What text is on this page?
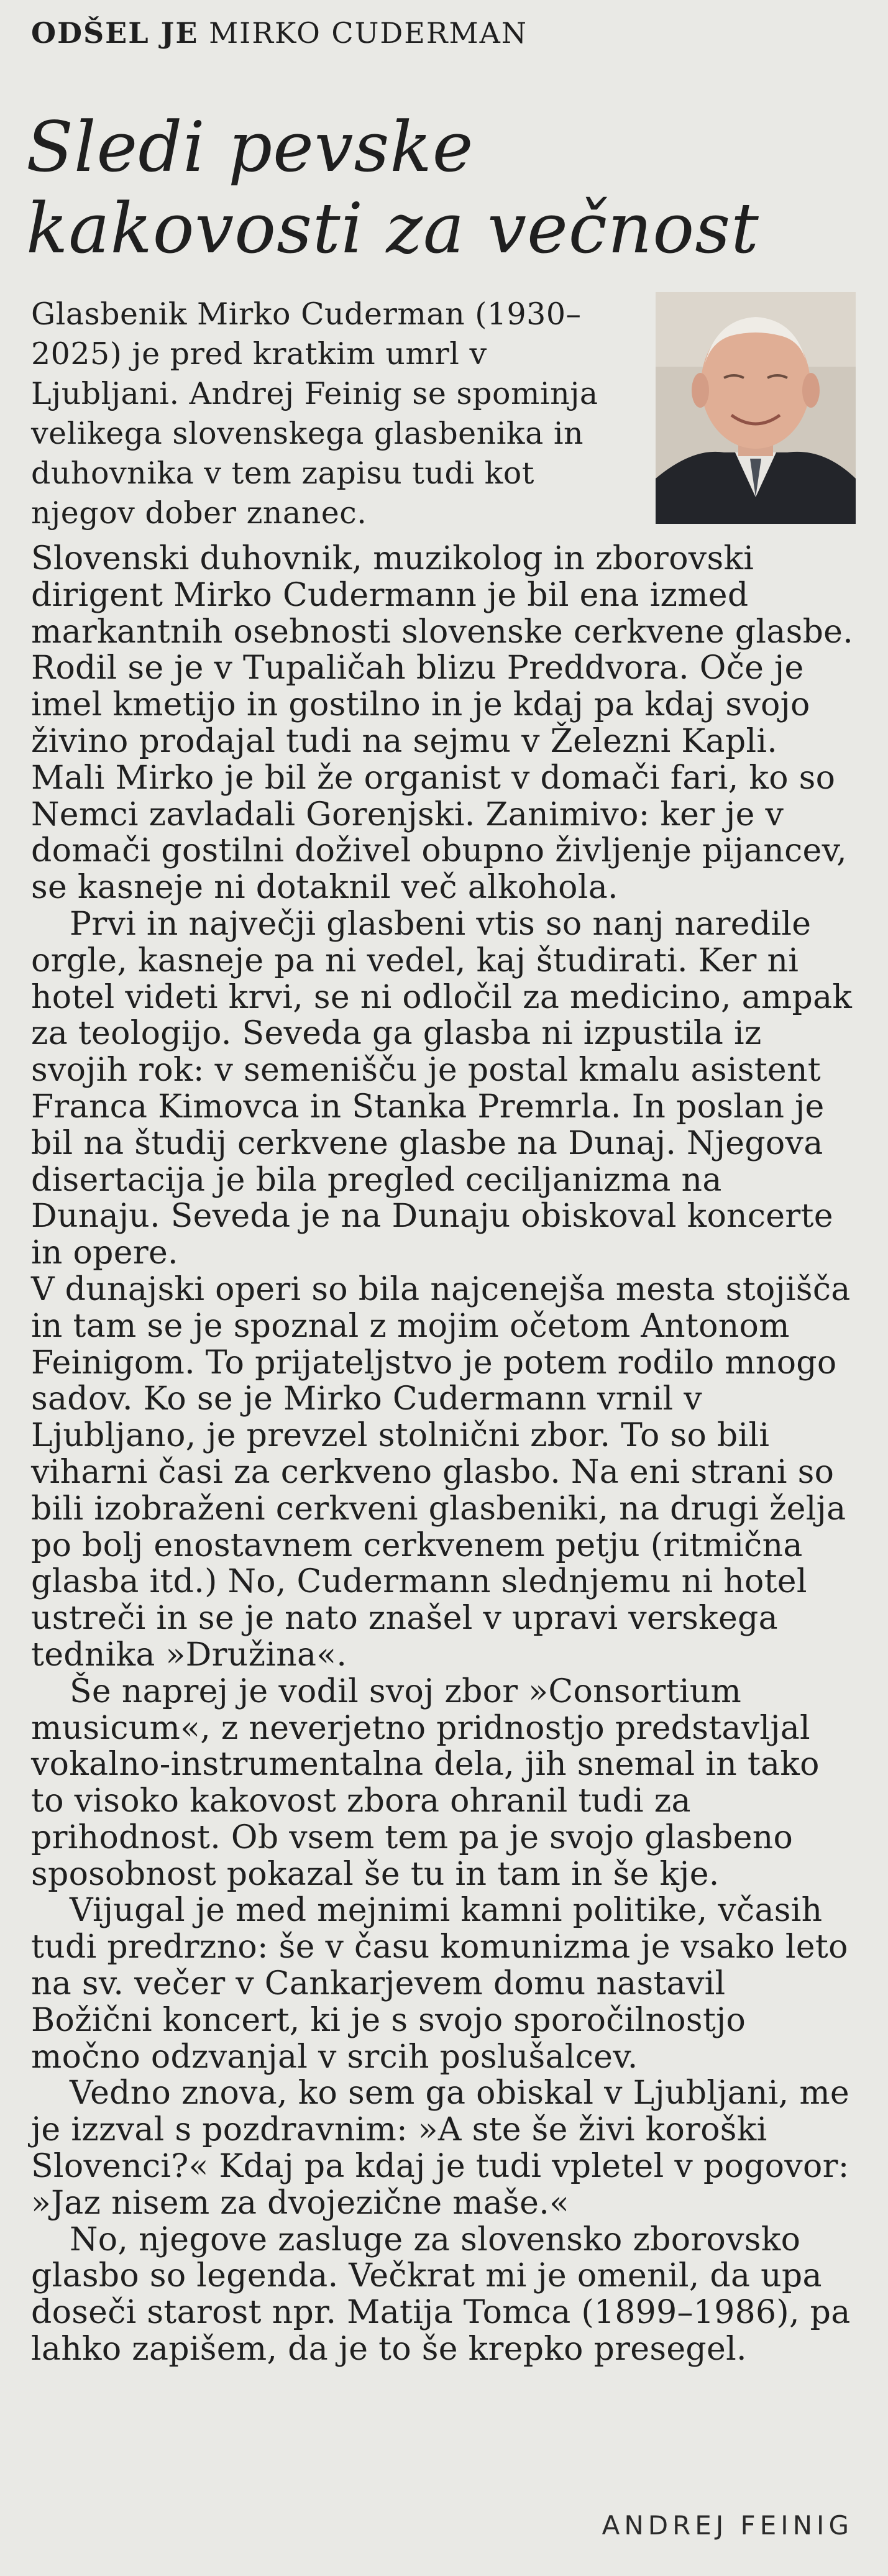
ODŠEL JE MIRKO CUDERMAN

Sledi pevske
kakovosti za večnost

Glasbenik Mirko Cuderman (1930–2025) je pred kratkim umrl v Ljubljani. Andrej Feinig se spominja velikega slovenskega glasbenika in duhovnika v tem zapisu tudi kot njegov dober znanec.

Slovenski duhovnik, muzikolog in zborovski dirigent Mirko Cudermann je bil ena izmed markantnih osebnosti slovenske cerkvene glasbe. Rodil se je v Tupaličah blizu Preddvora. Oče je imel kmetijo in gostilno in je kdaj pa kdaj svojo živino prodajal tudi na sejmu v Železni Kapli.

Mali Mirko je bil že organist v domači fari, ko so Nemci zavladali Gorenjski. Zanimivo: ker je v domači gostilni doživel obupno življenje pijancev, se kasneje ni dotaknil več alkohola.

Prvi in največji glasbeni vtis so nanj naredile orgle, kasneje pa ni vedel, kaj študirati. Ker ni hotel videti krvi, se ni odločil za medicino, ampak za teologijo. Seveda ga glasba ni izpustila iz svojih rok: v semenišču je postal kmalu asistent Franca Kimovca in Stanka Premrla. In poslan je bil na študij cerkvene glasbe na Dunaj. Njegova disertacija je bila pregled ceciljanizma na Dunaju. Seveda je na Dunaju obiskoval koncerte in opere.

V dunajski operi so bila najcenejša mesta stojišča in tam se je spoznal z mojim očetom Antonom Feinigom. To prijateljstvo je potem rodilo mnogo sadov. Ko se je Mirko Cudermann vrnil v Ljubljano, je prevzel stolnični zbor. To so bili viharni časi za cerkveno glasbo. Na eni strani so bili izobraženi cerkveni glasbeniki, na drugi želja po bolj enostavnem cerkvenem petju (ritmična glasba itd.) No, Cudermann slednjemu ni hotel ustreči in se je nato znašel v upravi verskega tednika »Družina«.

Še naprej je vodil svoj zbor »Consortium musicum«, z neverjetno pridnostjo predstavljal vokalno-instrumentalna dela, jih snemal in tako to visoko kakovost zbora ohranil tudi za prihodnost. Ob vsem tem pa je svojo glasbeno sposobnost pokazal še tu in tam in še kje.

Vijugal je med mejnimi kamni politike, včasih tudi predrzno: še v času komunizma je vsako leto na sv. večer v Cankarjevem domu nastavil Božični koncert, ki je s svojo sporočilnostjo močno odzvanjal v srcih poslušalcev.

Vedno znova, ko sem ga obiskal v Ljubljani, me je izzval s pozdravnim: »A ste še živi koroški Slovenci?« Kdaj pa kdaj je tudi vpletel v pogovor: »Jaz nisem za dvojezične maše.«

No, njegove zasluge za slovensko zborovsko glasbo so legenda. Večkrat mi je omenil, da upa doseči starost npr. Matija Tomca (1899–1986), pa lahko zapišem, da je to še krepko presegel.

ANDREJ FEINIG
